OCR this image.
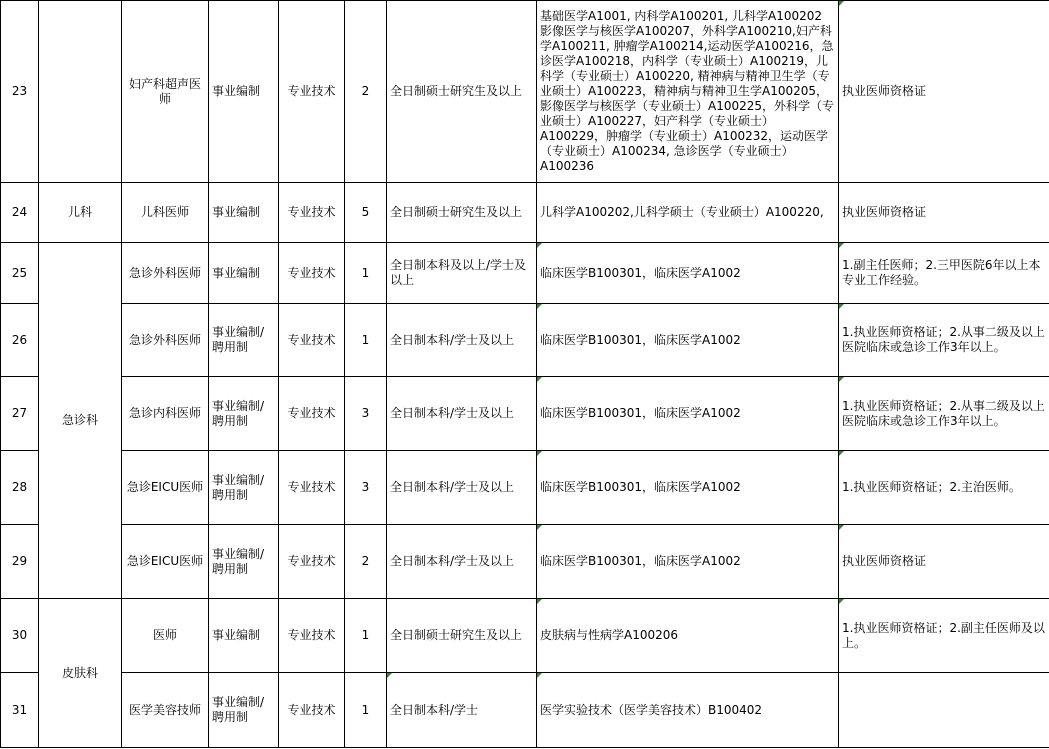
23		妇产科超声医师	事业编制	专业技术	2	全日制硕士研究生及以上	基础医学A1001, 内科学A100201, 儿科学A100202 影像医学与核医学A100207，外科学A100210,妇产科学A100211, 肿瘤学A100214,运动医学A100216，急诊医学A100218，内科学（专业硕士）A100219，儿科学（专业硕士）A100220, 精神病与精神卫生学（专业硕士）A100223，精神病与精神卫生学A100205，影像医学与核医学（专业硕士）A100225，外科学（专业硕士）A100227，妇产科学（专业硕士）A100229，肿瘤学（专业硕士）A100232，运动医学（专业硕士）A100234, 急诊医学（专业硕士）A100236	执业医师资格证
24	儿科	儿科医师	事业编制	专业技术	5	全日制硕士研究生及以上	儿科学A100202,儿科学硕士（专业硕士）A100220,	执业医师资格证
25	急诊科	急诊外科医师	事业编制	专业技术	1	全日制本科及以上/学士及以上	临床医学B100301，临床医学A1002	1.副主任医师；2.三甲医院6年以上本专业工作经验。
26		急诊外科医师	事业编制/聘用制	专业技术	1	全日制本科/学士及以上	临床医学B100301，临床医学A1002	1.执业医师资格证；2.从事二级及以上医院临床或急诊工作3年以上。
27		急诊内科医师	事业编制/聘用制	专业技术	3	全日制本科/学士及以上	临床医学B100301，临床医学A1002	1.执业医师资格证；2.从事二级及以上医院临床或急诊工作3年以上。
28		急诊EICU医师	事业编制/聘用制	专业技术	3	全日制本科/学士及以上	临床医学B100301，临床医学A1002	1.执业医师资格证；2.主治医师。
29		急诊EICU医师	事业编制/聘用制	专业技术	2	全日制本科/学士及以上	临床医学B100301，临床医学A1002	执业医师资格证
30	皮肤科	医师	事业编制	专业技术	1	全日制硕士研究生及以上	皮肤病与性病学A100206	1.执业医师资格证；2.副主任医师及以上。
31		医学美容技师	事业编制/聘用制	专业技术	1	全日制本科/学士	医学实验技术（医学美容技术）B100402	
